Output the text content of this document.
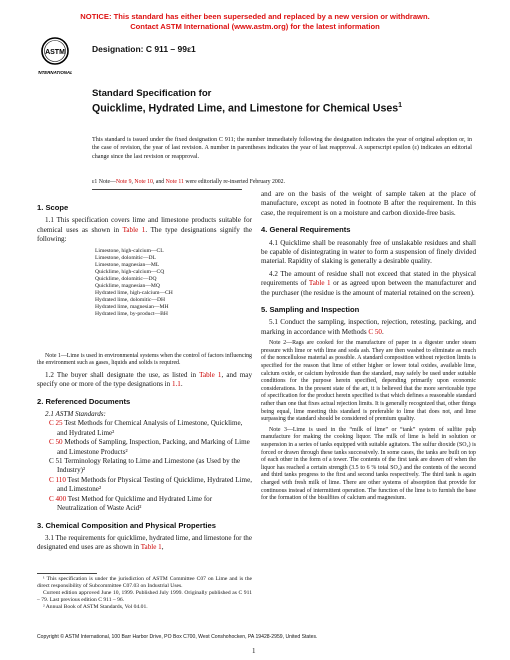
NOTICE: This standard has either been superseded and replaced by a new version or withdrawn.
Contact ASTM International (www.astm.org) for the latest information
ASTM
INTERNATIONAL
Designation: C 911 – 99ε1
Standard Specification for
Quicklime, Hydrated Lime, and Limestone for Chemical Uses$^1$
This standard is issued under the fixed designation C 911; the number immediately following the designation indicates the year of original adoption or, in the case of revision, the year of last revision. A number in parentheses indicates the year of last reapproval. A superscript epsilon (ε) indicates an editorial change since the last revision or reapproval.
ε1 Note—Note 9, Note 10, and Note 11 were editorially re-inserted February 2002.
1. Scope

1.1 This specification covers lime and limestone products suitable for chemical uses as shown in Table 1. The type designations signify the following:

Limestone, high-calcium—CL
Limestone, dolomitic—DL
Limestone, magnesian—ML
Quicklime, high-calcium—CQ
Quicklime, dolomitic—DQ
Quicklime, magnesian—MQ
Hydrated lime, high-calcium—CH
Hydrated lime, dolomitic—DH
Hydrated lime, magnesian—MH
Hydrated lime, by-product—BH
Note 1—Lime is used in environmental systems when the control of factors influencing the environment such as gases, liquids and solids is required.

1.2 The buyer shall designate the use, as listed in Table 1, and may specify one or more of the type designations in 1.1.

2. Referenced Documents
2.1 ASTM Standards:
C 25 Test Methods for Chemical Analysis of Limestone, Quicklime, and Hydrated Lime²
C 50 Methods of Sampling, Inspection, Packing, and Marking of Lime and Limestone Products²
C 51 Terminology Relating to Lime and Limestone (as Used by the Industry)²
C 110 Test Methods for Physical Testing of Quicklime, Hydrated Lime, and Limestone²
C 400 Test Method for Quicklime and Hydrated Lime for Neutralization of Waste Acid²
3. Chemical Composition and Physical Properties

3.1 The requirements for quicklime, hydrated lime, and limestone for the designated end uses are as shown in Table 1,

¹ This specification is under the jurisdiction of ASTM Committee C07 on Lime and is the direct responsibility of Subcommittee C07.03 on Industrial Uses.
Current edition approved June 10, 1999. Published July 1999. Originally published as C 911 – 79. Last previous edition C 911 – 96.
² Annual Book of ASTM Standards, Vol 04.01.

and are on the basis of the weight of sample taken at the place of manufacture, except as noted in footnote B after the requirement. In this case, the requirement is on a moisture and carbon dioxide-free basis.

4. General Requirements

4.1 Quicklime shall be reasonably free of unslakable residues and shall be capable of disintegrating in water to form a suspension of finely divided material. Rapidity of slaking is generally a desirable quality.

4.2 The amount of residue shall not exceed that stated in the physical requirements of Table 1 or as agreed upon between the manufacturer and the purchaser (the residue is the amount of material retained on the screen).

5. Sampling and Inspection

5.1 Conduct the sampling, inspection, rejection, retesting, packing, and marking in accordance with Methods C 50.

Note 2—Rags are cooked for the manufacture of paper in a digester under steam pressure with lime or with lime and soda ash. They are then washed to eliminate as much of the noncellulose material as possible. A standard composition without rejection limits is specified for the reason that lime of either higher or lower total oxides, available lime, calcium oxide, or calcium hydroxide than the standard, may safely be used under suitable conditions for the purpose herein specified, depending primarily upon economic considerations. In the present state of the art, it is believed that the more serviceable type of specification for the product herein specified is that which defines a reasonable standard rather than one that fixes actual rejection limits. It is generally recognized that, other things being equal, lime meeting this standard is preferable to lime that does not, and lime surpassing the standard should be considered of premium quality.
Note 3—Lime is used in the “milk of lime” or “tank” system of sulfite pulp manufacture for making the cooking liquor. The milk of lime is held in solution or suspension in a series of tanks equipped with suitable agitators. The sulfur dioxide (SO₂) is forced or drawn through these tanks successively. In some cases, the tanks are built on top of each other in the form of a tower. The contents of the first tank are drawn off when the liquor has reached a certain strength (3.5 to 6 % total SO₂) and the contents of the second and third tanks progress to the first and second tanks respectively. The third tank is again charged with fresh milk of lime. There are other systems of absorption that provide for continuous instead of intermittent operation. The function of the lime is to furnish the base for the formation of the bisulfites of calcium and magnesium.
Copyright © ASTM International, 100 Barr Harbor Drive, PO Box C700, West Conshohocken, PA 19428-2959, United States.
1
